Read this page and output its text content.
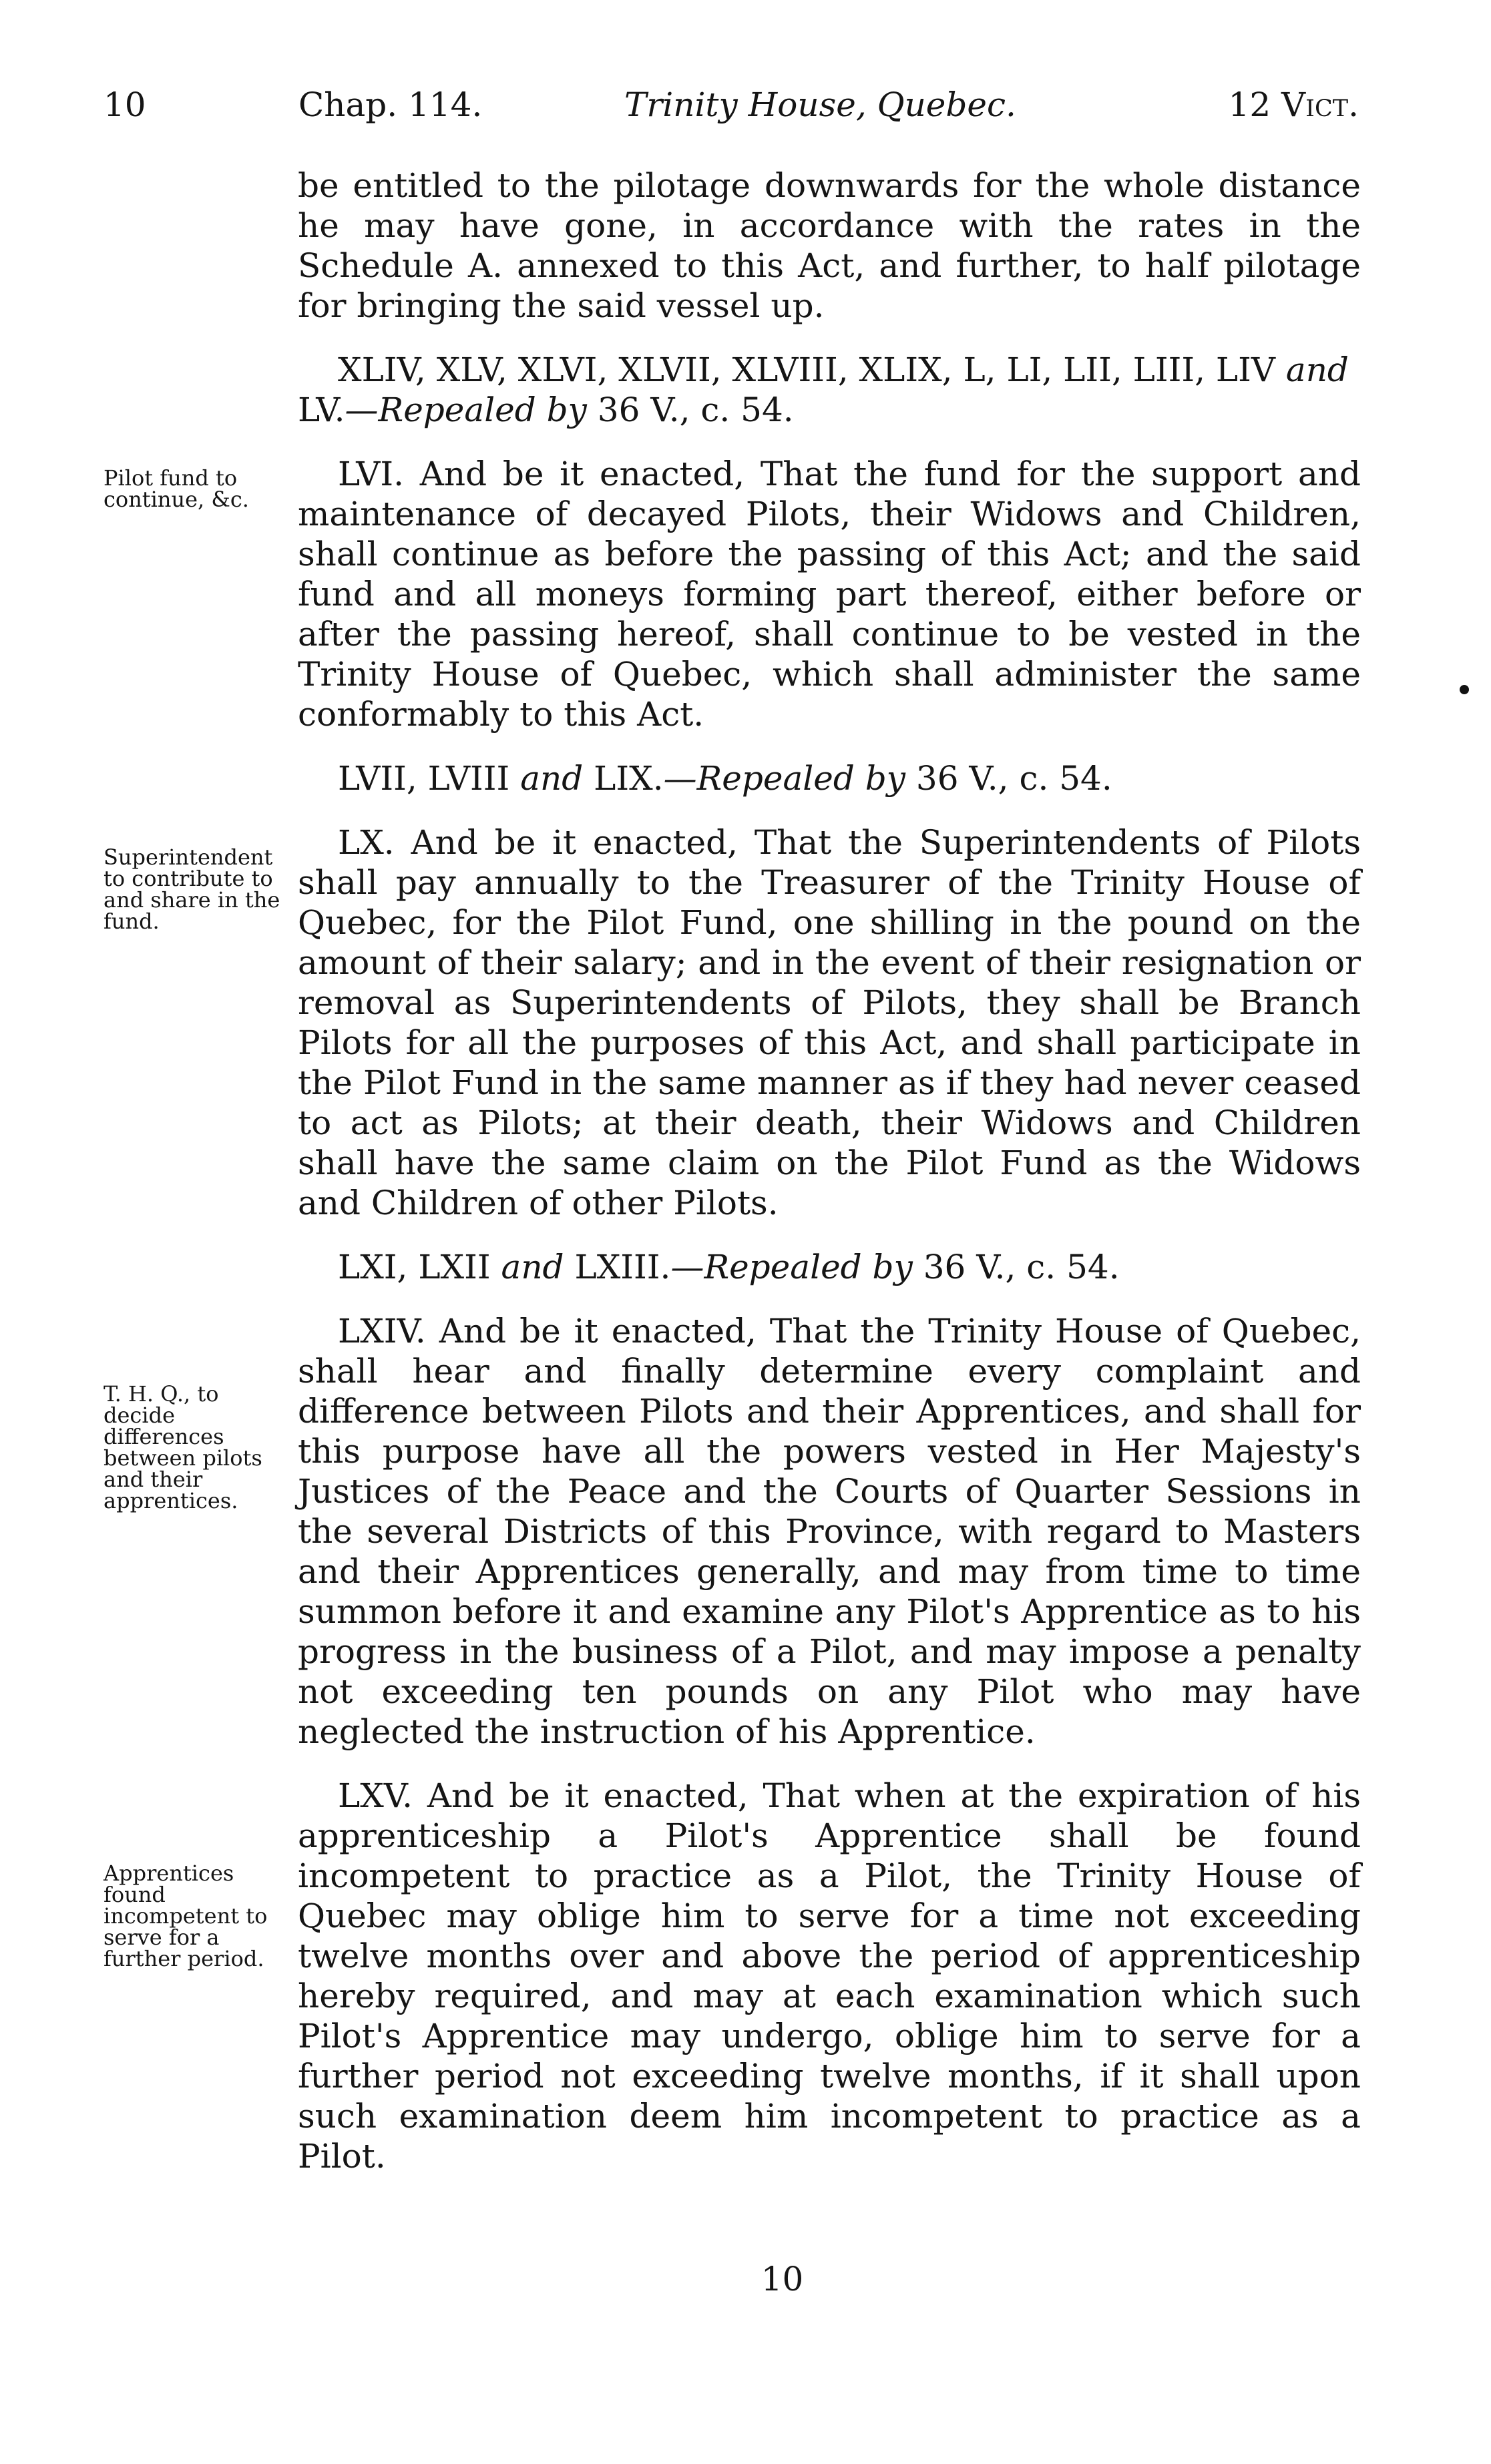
10	Chap. 114.	Trinity House, Quebec.	12 Vict.

be entitled to the pilotage downwards for the whole distance he may have gone, in accordance with the rates in the Schedule A. annexed to this Act, and further, to half pilotage for bringing the said vessel up.

XLIV, XLV, XLVI, XLVII, XLVIII, XLIX, L, LI, LII, LIII, LIV and LV.—Repealed by 36 V., c. 54.

LVI. And be it enacted, That the fund for the support and maintenance of decayed Pilots, their Widows and Children, shall continue as before the passing of this Act; and the said fund and all moneys forming part thereof, either before or after the passing hereof, shall continue to be vested in the Trinity House of Quebec, which shall administer the same conformably to this Act.

LVII, LVIII and LIX.—Repealed by 36 V., c. 54.

LX. And be it enacted, That the Superintendents of Pilots shall pay annually to the Treasurer of the Trinity House of Quebec, for the Pilot Fund, one shilling in the pound on the amount of their salary; and in the event of their resignation or removal as Superintendents of Pilots, they shall be Branch Pilots for all the purposes of this Act, and shall participate in the Pilot Fund in the same manner as if they had never ceased to act as Pilots; at their death, their Widows and Children shall have the same claim on the Pilot Fund as the Widows and Children of other Pilots.

LXI, LXII and LXIII.—Repealed by 36 V., c. 54.

LXIV. And be it enacted, That the Trinity House of Quebec, shall hear and finally determine every complaint and difference between Pilots and their Apprentices, and shall for this purpose have all the powers vested in Her Majesty's Justices of the Peace and the Courts of Quarter Sessions in the several Districts of this Province, with regard to Masters and their Apprentices generally, and may from time to time summon before it and examine any Pilot's Apprentice as to his progress in the business of a Pilot, and may impose a penalty not exceeding ten pounds on any Pilot who may have neglected the instruction of his Apprentice.

LXV. And be it enacted, That when at the expiration of his apprenticeship a Pilot's Apprentice shall be found incompetent to practice as a Pilot, the Trinity House of Quebec may oblige him to serve for a time not exceeding twelve months over and above the period of apprenticeship hereby required, and may at each examination which such Pilot's Apprentice may undergo, oblige him to serve for a further period not exceeding twelve months, if it shall upon such examination deem him incompetent to practice as a Pilot.

Pilot fund to continue, &c.
Superintendent to contribute to and share in the fund.
T. H. Q., to decide differences between pilots and their apprentices.
Apprentices found incompetent to serve for a further period.
10
